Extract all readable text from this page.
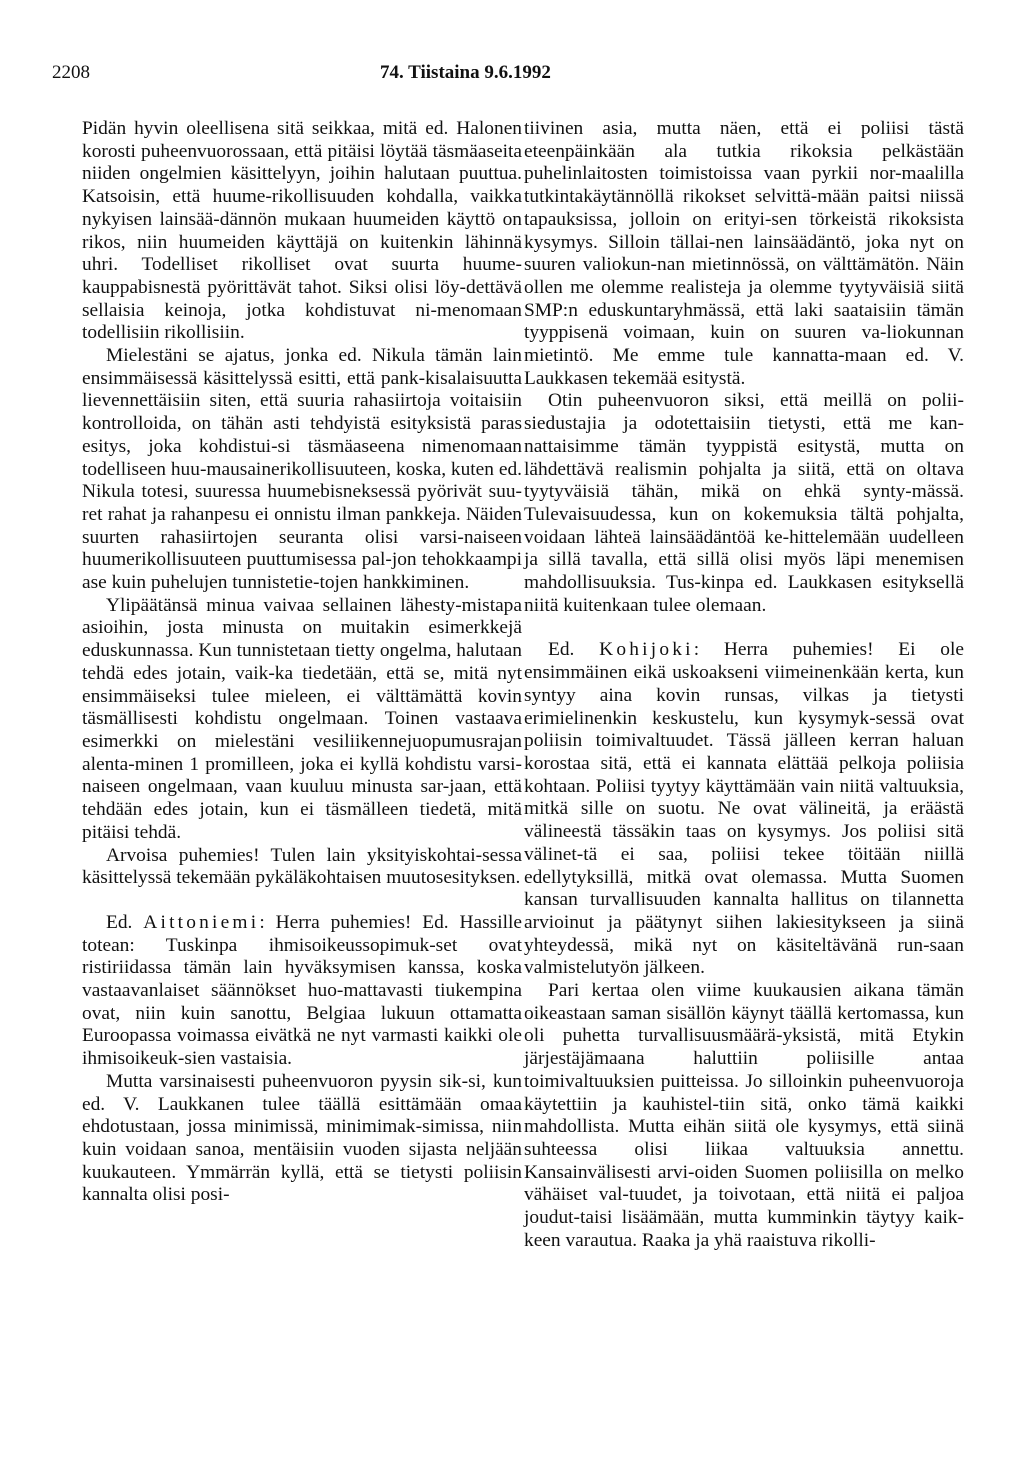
2208	74. Tiistaina 9.6.1992

Pidän hyvin oleellisena sitä seikkaa, mitä ed. Halonen korosti puheenvuorossaan, että pitäisi löytää täsmäaseita niiden ongelmien käsittelyyn, joihin halutaan puuttua. Katsoisin, että huume-rikollisuuden kohdalla, vaikka nykyisen lainsää-dännön mukaan huumeiden käyttö on rikos, niin huumeiden käyttäjä on kuitenkin lähinnä uhri. Todelliset rikolliset ovat suurta huume-kauppabisnestä pyörittävät tahot. Siksi olisi löy-dettävä sellaisia keinoja, jotka kohdistuvat ni-menomaan todellisiin rikollisiin.

Mielestäni se ajatus, jonka ed. Nikula tämän lain ensimmäisessä käsittelyssä esitti, että pank-kisalaisuutta lievennettäisiin siten, että suuria rahasiirtoja voitaisiin kontrolloida, on tähän asti tehdyistä esityksistä paras esitys, joka kohdistui-si täsmäaseena nimenomaan todelliseen huu-mausainerikollisuuteen, koska, kuten ed. Nikula totesi, suuressa huumebisneksessä pyörivät suu-ret rahat ja rahanpesu ei onnistu ilman pankkeja. Näiden suurten rahasiirtojen seuranta olisi varsi-naiseen huumerikollisuuteen puuttumisessa pal-jon tehokkaampi ase kuin puhelujen tunnistetie-tojen hankkiminen.

Ylipäätänsä minua vaivaa sellainen lähesty-mistapa asioihin, josta minusta on muitakin esimerkkejä eduskunnassa. Kun tunnistetaan tietty ongelma, halutaan tehdä edes jotain, vaik-ka tiedetään, että se, mitä nyt ensimmäiseksi tulee mieleen, ei välttämättä kovin täsmällisesti kohdistu ongelmaan. Toinen vastaava esimerkki on mielestäni vesiliikennejuopumusrajan alenta-minen 1 promilleen, joka ei kyllä kohdistu varsi-naiseen ongelmaan, vaan kuuluu minusta sar-jaan, että tehdään edes jotain, kun ei täsmälleen tiedetä, mitä pitäisi tehdä.

Arvoisa puhemies! Tulen lain yksityiskohtai-sessa käsittelyssä tekemään pykäläkohtaisen muutosesityksen.

Ed. Aittoniemi: Herra puhemies! Ed. Hassille totean: Tuskinpa ihmisoikeussopimuk-set ovat ristiriidassa tämän lain hyväksymisen kanssa, koska vastaavanlaiset säännökset huo-mattavasti tiukempina ovat, niin kuin sanottu, Belgiaa lukuun ottamatta Euroopassa voimassa eivätkä ne nyt varmasti kaikki ole ihmisoikeuk-sien vastaisia.

Mutta varsinaisesti puheenvuoron pyysin sik-si, kun ed. V. Laukkanen tulee täällä esittämään omaa ehdotustaan, jossa minimissä, minimimak-simissa, niin kuin voidaan sanoa, mentäisiin vuoden sijasta neljään kuukauteen. Ymmärrän kyllä, että se tietysti poliisin kannalta olisi posi-

tiivinen asia, mutta näen, että ei poliisi tästä eteenpäinkään ala tutkia rikoksia pelkästään puhelinlaitosten toimistoissa vaan pyrkii nor-maalilla tutkintakäytännöllä rikokset selvittä-mään paitsi niissä tapauksissa, jolloin on erityi-sen törkeistä rikoksista kysymys. Silloin tällai-nen lainsäädäntö, joka nyt on suuren valiokun-nan mietinnössä, on välttämätön. Näin ollen me olemme realisteja ja olemme tyytyväisiä siitä SMP:n eduskuntaryhmässä, että laki saataisiin tämän tyyppisenä voimaan, kuin on suuren va-liokunnan mietintö. Me emme tule kannatta-maan ed. V. Laukkasen tekemää esitystä.

Otin puheenvuoron siksi, että meillä on polii-siedustajia ja odotettaisiin tietysti, että me kan-nattaisimme tämän tyyppistä esitystä, mutta on lähdettävä realismin pohjalta ja siitä, että on oltava tyytyväisiä tähän, mikä on ehkä synty-mässä. Tulevaisuudessa, kun on kokemuksia tältä pohjalta, voidaan lähteä lainsäädäntöä ke-hittelemään uudelleen ja sillä tavalla, että sillä olisi myös läpi menemisen mahdollisuuksia. Tus-kinpa ed. Laukkasen esityksellä niitä kuitenkaan tulee olemaan.

Ed. Kohijoki: Herra puhemies! Ei ole ensimmäinen eikä uskoakseni viimeinenkään kerta, kun syntyy aina kovin runsas, vilkas ja tietysti erimielinenkin keskustelu, kun kysymyk-sessä ovat poliisin toimivaltuudet. Tässä jälleen kerran haluan korostaa sitä, että ei kannata elättää pelkoja poliisia kohtaan. Poliisi tyytyy käyttämään vain niitä valtuuksia, mitkä sille on suotu. Ne ovat välineitä, ja eräästä välineestä tässäkin taas on kysymys. Jos poliisi sitä välinet-tä ei saa, poliisi tekee töitään niillä edellytyksillä, mitkä ovat olemassa. Mutta Suomen kansan turvallisuuden kannalta hallitus on tilannetta arvioinut ja päätynyt siihen lakiesitykseen ja siinä yhteydessä, mikä nyt on käsiteltävänä run-saan valmistelutyön jälkeen.

Pari kertaa olen viime kuukausien aikana tämän oikeastaan saman sisällön käynyt täällä kertomassa, kun oli puhetta turvallisuusmäärä-yksistä, mitä Etykin järjestäjämaana haluttiin poliisille antaa toimivaltuuksien puitteissa. Jo silloinkin puheenvuoroja käytettiin ja kauhistel-tiin sitä, onko tämä kaikki mahdollista. Mutta eihän siitä ole kysymys, että siinä suhteessa olisi liikaa valtuuksia annettu. Kansainvälisesti arvi-oiden Suomen poliisilla on melko vähäiset val-tuudet, ja toivotaan, että niitä ei paljoa joudut-taisi lisäämään, mutta kumminkin täytyy kaik-keen varautua. Raaka ja yhä raaistuva rikolli-
